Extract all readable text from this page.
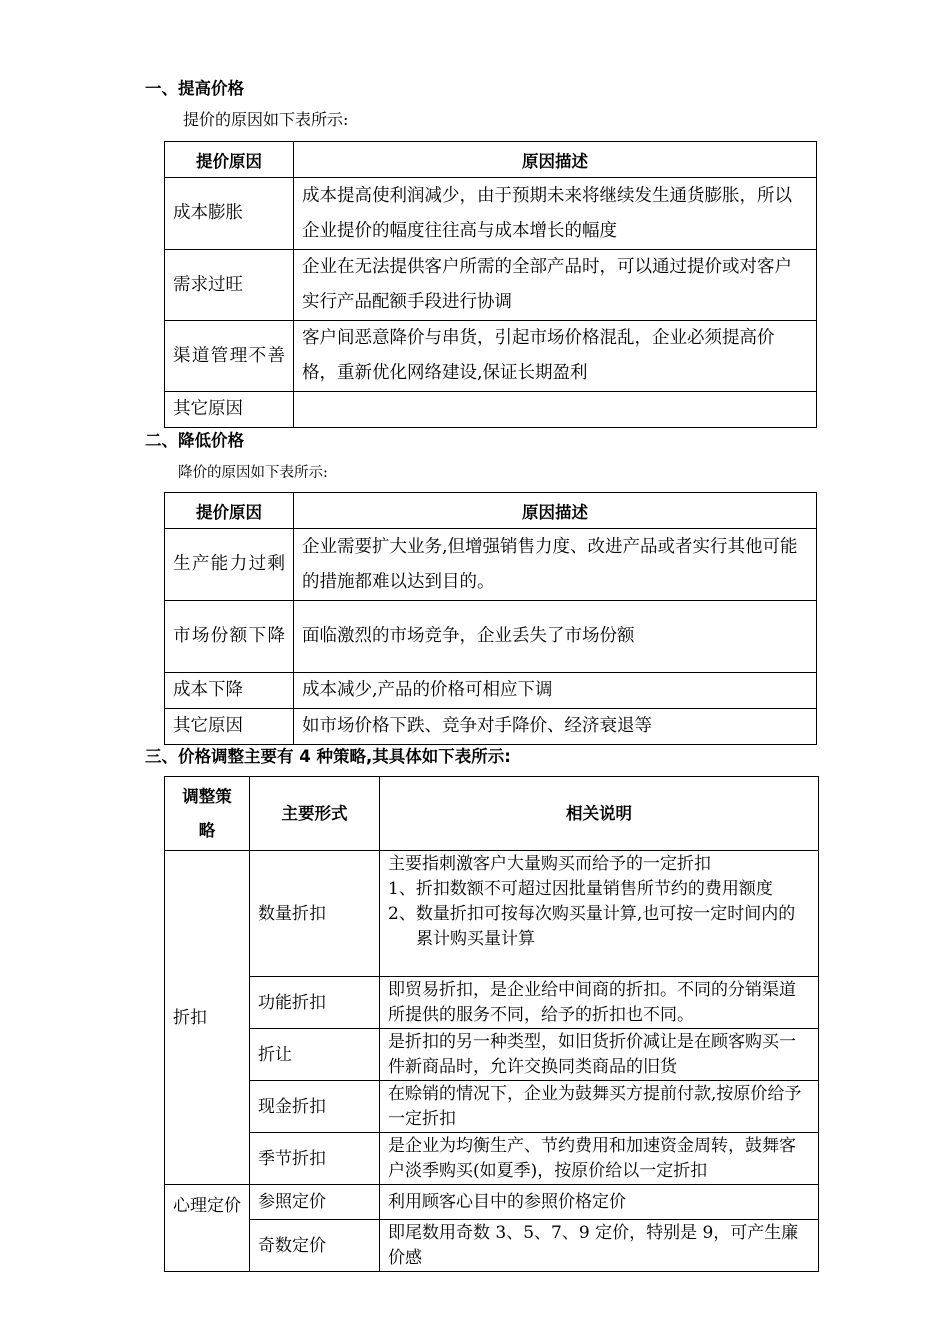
一、提高价格
提价的原因如下表所示:
提价原因	原因描述
成本膨胀	成本提高使利润减少，由于预期未来将继续发生通货膨胀，所以企业提价的幅度往往高与成本增长的幅度
需求过旺	企业在无法提供客户所需的全部产品时，可以通过提价或对客户实行产品配额手段进行协调
渠道管理不善	客户间恶意降价与串货，引起市场价格混乱，企业必须提高价格，重新优化网络建设,保证长期盈利
其它原因	
二、降低价格
降价的原因如下表所示:
提价原因	原因描述
生产能力过剩	企业需要扩大业务,但增强销售力度、改进产品或者实行其他可能的措施都难以达到目的。
市场份额下降	面临激烈的市场竞争，企业丢失了市场份额
成本下降	成本减少,产品的价格可相应下调
其它原因	如市场价格下跌、竞争对手降价、经济衰退等
三、价格调整主要有 4 种策略,其具体如下表所示:
调整策略	主要形式	相关说明
折扣	数量折扣	主要指刺激客户大量购买而给予的一定折扣
1、折扣数额不可超过因批量销售所节约的费用额度
2、数量折扣可按每次购买量计算,也可按一定时间内的累计购买量计算

	功能折扣	即贸易折扣，是企业给中间商的折扣。不同的分销渠道所提供的服务不同，给予的折扣也不同。
	折让	是折扣的另一种类型，如旧货折价减让是在顾客购买一件新商品时，允许交换同类商品的旧货
	现金折扣	在赊销的情况下，企业为鼓舞买方提前付款,按原价给予一定折扣
	季节折扣	是企业为均衡生产、节约费用和加速资金周转，鼓舞客户淡季购买(如夏季)，按原价给以一定折扣
心理定价	参照定价	利用顾客心目中的参照价格定价
	奇数定价	即尾数用奇数 3、5、7、9 定价，特别是 9，可产生廉价感
